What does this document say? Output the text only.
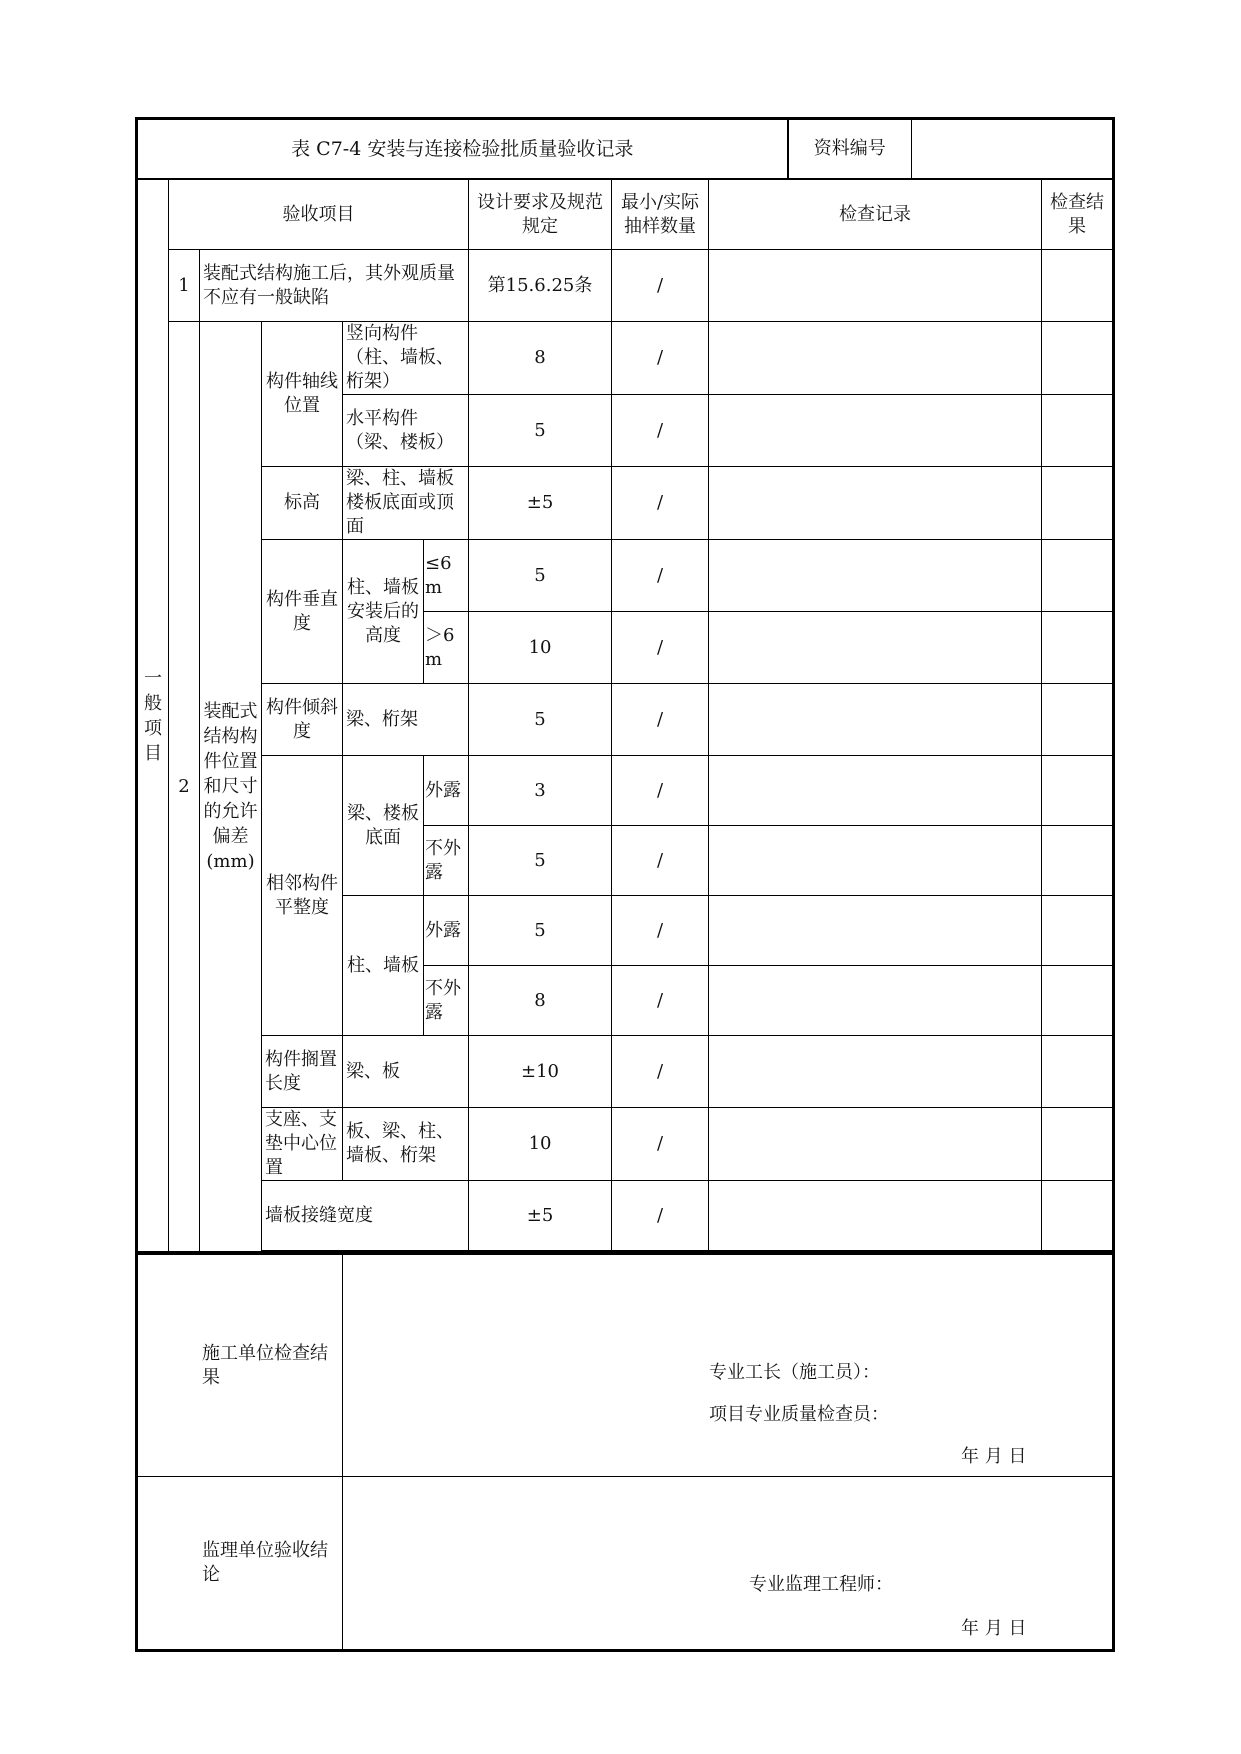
表 C7-4 安装与连接检验批质量验收记录	资料编号	
一般项目	验收项目					设计要求及规范规定	最小/实际抽样数量	检查记录	检查结果
	1	装配式结构施工后，其外观质量不应有一般缺陷				第15.6.25条	/		
	2	装配式结构构件位置和尺寸的允许偏差(mm)	构件轴线位置	竖向构件（柱、墙板、桁架）		8	/		
				水平构件（梁、楼板）		5	/		
			标高	梁、柱、墙板楼板底面或顶面		±5	/		
			构件垂直度	柱、墙板安装后的高度	≤6m	5	/		
					＞6m	10	/		
			构件倾斜度	梁、桁架		5	/		
			相邻构件平整度	梁、楼板底面	外露	3	/		
					不外露	5	/		
				柱、墙板	外露	5	/		
					不外露	8	/		
			构件搁置长度	梁、板		±10	/		
			支座、支垫中心位置	板、梁、柱、墙板、桁架		10	/		
			墙板接缝宽度			±5	/		

施工单位检查结果	专业工长（施工员）：
项目专业质量检查员：
年 月 日

监理单位验收结论	专业监理工程师：
年 月 日
